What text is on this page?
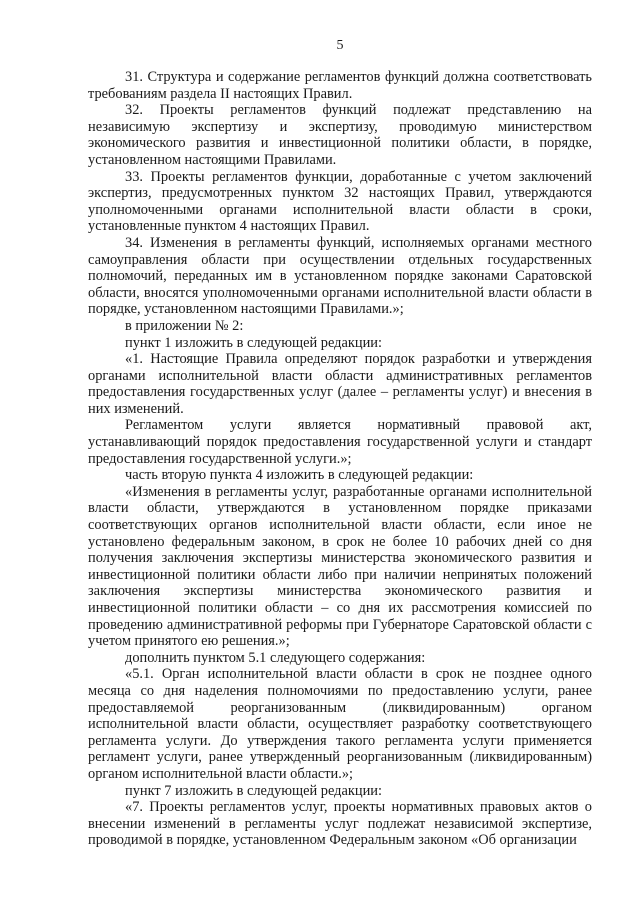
5

31. Структура и содержание регламентов функций должна соответствовать требованиям раздела II настоящих Правил.

32. Проекты регламентов функций подлежат представлению на независимую экспертизу и экспертизу, проводимую министерством экономического развития и инвестиционной политики области, в порядке, установленном настоящими Правилами.

33. Проекты регламентов функции, доработанные с учетом заключений экспертиз, предусмотренных пунктом 32 настоящих Правил, утверждаются уполномоченными органами исполнительной власти области в сроки, установленные пунктом 4 настоящих Правил.

34. Изменения в регламенты функций, исполняемых органами местного самоуправления области при осуществлении отдельных государственных полномочий, переданных им в установленном порядке законами Саратовской области, вносятся уполномоченными органами исполнительной власти области в порядке, установленном настоящими Правилами.»;

в приложении № 2:

пункт 1 изложить в следующей редакции:

«1. Настоящие Правила определяют порядок разработки и утверждения органами исполнительной власти области административных регламентов предоставления государственных услуг (далее – регламенты услуг) и внесения в них изменений.

Регламентом услуги является нормативный правовой акт, устанавливающий порядок предоставления государственной услуги и стандарт предоставления государственной услуги.»;

часть вторую пункта 4 изложить в следующей редакции:

«Изменения в регламенты услуг, разработанные органами исполнительной власти области, утверждаются в установленном порядке приказами соответствующих органов исполнительной власти области, если иное не установлено федеральным законом, в срок не более 10 рабочих дней со дня получения заключения экспертизы министерства экономического развития и инвестиционной политики области либо при наличии непринятых положений заключения экспертизы министерства экономического развития и инвестиционной политики области – со дня их рассмотрения комиссией по проведению административной реформы при Губернаторе Саратовской области с учетом принятого ею решения.»;

дополнить пунктом 5.1 следующего содержания:

«5.1. Орган исполнительной власти области в срок не позднее одного месяца со дня наделения полномочиями по предоставлению услуги, ранее предоставляемой реорганизованным (ликвидированным) органом исполнительной власти области, осуществляет разработку соответствующего регламента услуги. До утверждения такого регламента услуги применяется регламент услуги, ранее утвержденный реорганизованным (ликвидированным) органом исполнительной власти области.»;

пункт 7 изложить в следующей редакции:

«7. Проекты регламентов услуг, проекты нормативных правовых актов о внесении изменений в регламенты услуг подлежат независимой экспертизе, проводимой в порядке, установленном Федеральным законом «Об организации
